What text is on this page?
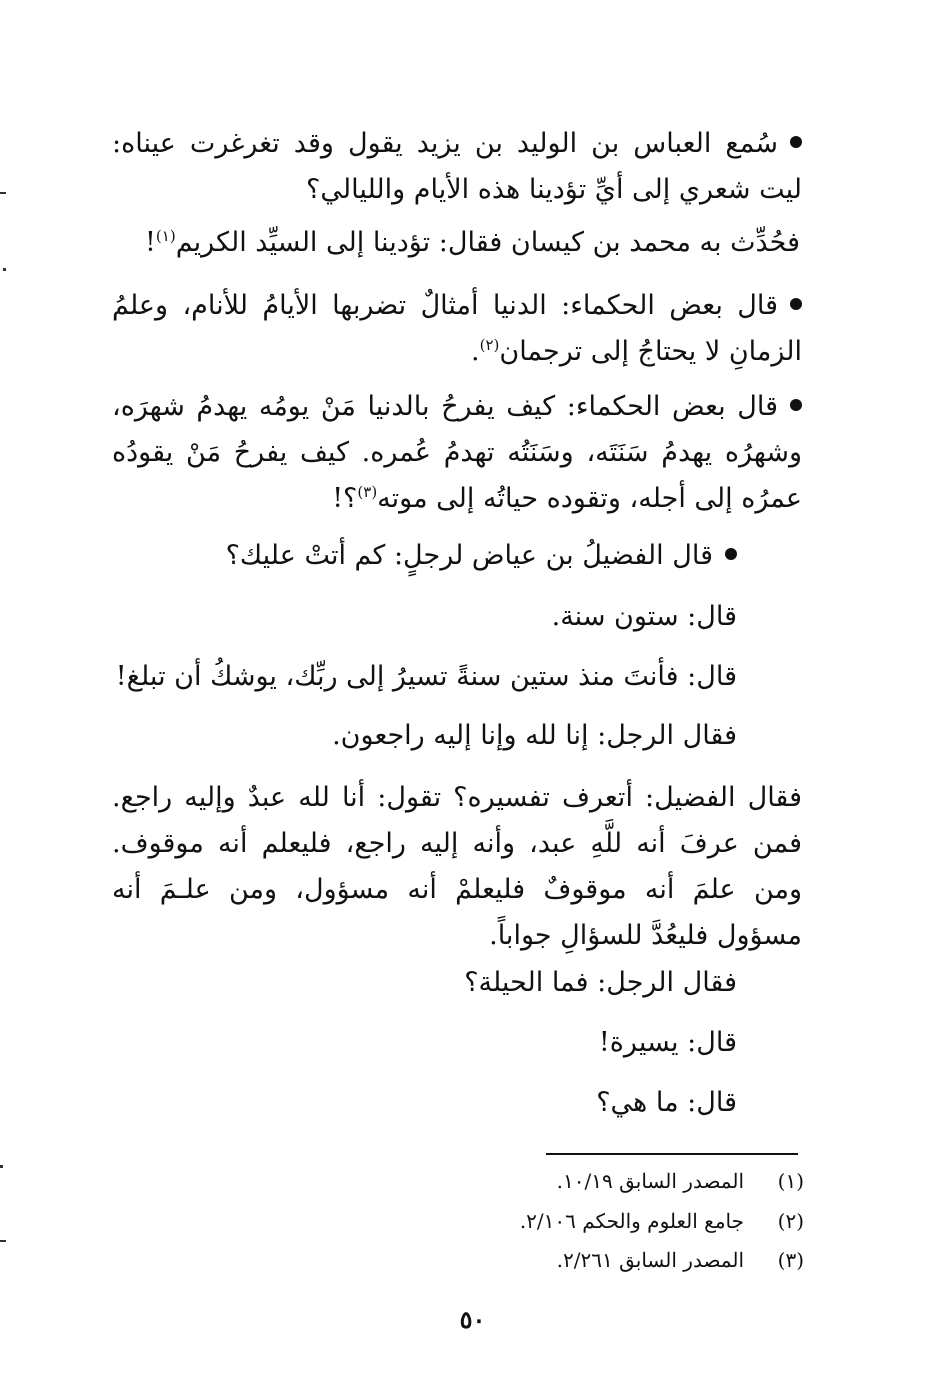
سُمع العباس بن الوليد بن يزيد يقول وقد تغرغرت عيناه: ليت شعري إلى أيِّ تؤدينا هذه الأيام والليالي؟
فحُدِّث به محمد بن كيسان فقال: تؤدينا إلى السيِّد الكريم$^{(١)}$!
قال بعض الحكماء: الدنيا أمثالٌ تضربها الأيامُ للأنام، وعلمُ الزمانِ لا يحتاجُ إلى ترجمان$^{(٢)}$.
قال بعض الحكماء: كيف يفرحُ بالدنيا مَنْ يومُه يهدمُ شهرَه، وشهرُه يهدمُ سَنَتَه، وسَنَتُه تهدمُ عُمره. كيف يفرحُ مَنْ يقودُه عمرُه إلى أجله، وتقوده حياتُه إلى موته$^{(٣)}$؟!
قال الفضيلُ بن عياض لرجلٍ: كم أتتْ عليك؟
قال: ستون سنة.
قال: فأنتَ منذ ستين سنةً تسيرُ إلى ربِّك، يوشكُ أن تبلغ!
فقال الرجل: إنا لله وإنا إليه راجعون.
فقال الفضيل: أتعرف تفسيره؟ تقول: أنا لله عبدٌ وإليه راجع. فمن عرفَ أنه للَّهِ عبد، وأنه إليه راجع، فليعلم أنه موقوف. ومن علمَ أنه موقوفٌ فليعلمْ أنه مسؤول، ومن علـمَ أنه مسؤول فليعُدَّ للسؤالِ جواباً.
فقال الرجل: فما الحيلة؟
قال: يسيرة!
قال: ما هي؟
(١)المصدر السابق ١٠/١٩.
(٢)جامع العلوم والحكم ٢/١٠٦.
(٣)المصدر السابق ٢/٢٦١.
٥٠
